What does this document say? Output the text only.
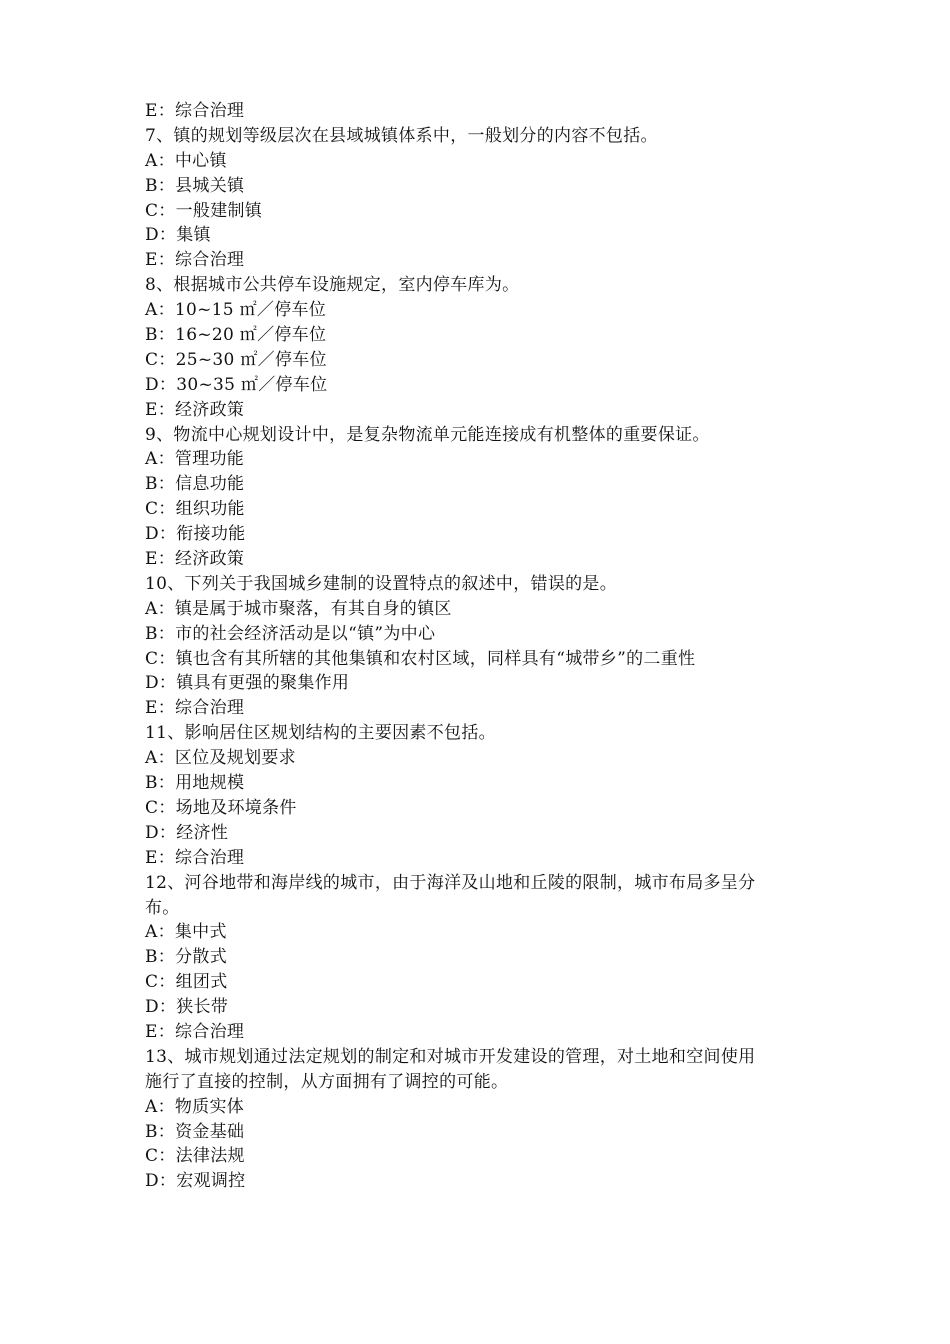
E：综合治理
7、镇的规划等级层次在县域城镇体系中，一般划分的内容不包括。
A：中心镇
B：县城关镇
C：一般建制镇
D：集镇
E：综合治理
8、根据城市公共停车设施规定，室内停车库为。
A：10~15 ㎡／停车位
B：16~20 ㎡／停车位
C：25~30 ㎡／停车位
D：30~35 ㎡／停车位
E：经济政策
9、物流中心规划设计中，是复杂物流单元能连接成有机整体的重要保证。
A：管理功能
B：信息功能
C：组织功能
D：衔接功能
E：经济政策
10、下列关于我国城乡建制的设置特点的叙述中，错误的是。
A：镇是属于城市聚落，有其自身的镇区
B：市的社会经济活动是以“镇”为中心
C：镇也含有其所辖的其他集镇和农村区域，同样具有“城带乡”的二重性
D：镇具有更强的聚集作用
E：综合治理
11、影响居住区规划结构的主要因素不包括。
A：区位及规划要求
B：用地规模
C：场地及环境条件
D：经济性
E：综合治理
12、河谷地带和海岸线的城市，由于海洋及山地和丘陵的限制，城市布局多呈分
布。
A：集中式
B：分散式
C：组团式
D：狭长带
E：综合治理
13、城市规划通过法定规划的制定和对城市开发建设的管理，对土地和空间使用
施行了直接的控制，从方面拥有了调控的可能。
A：物质实体
B：资金基础
C：法律法规
D：宏观调控
